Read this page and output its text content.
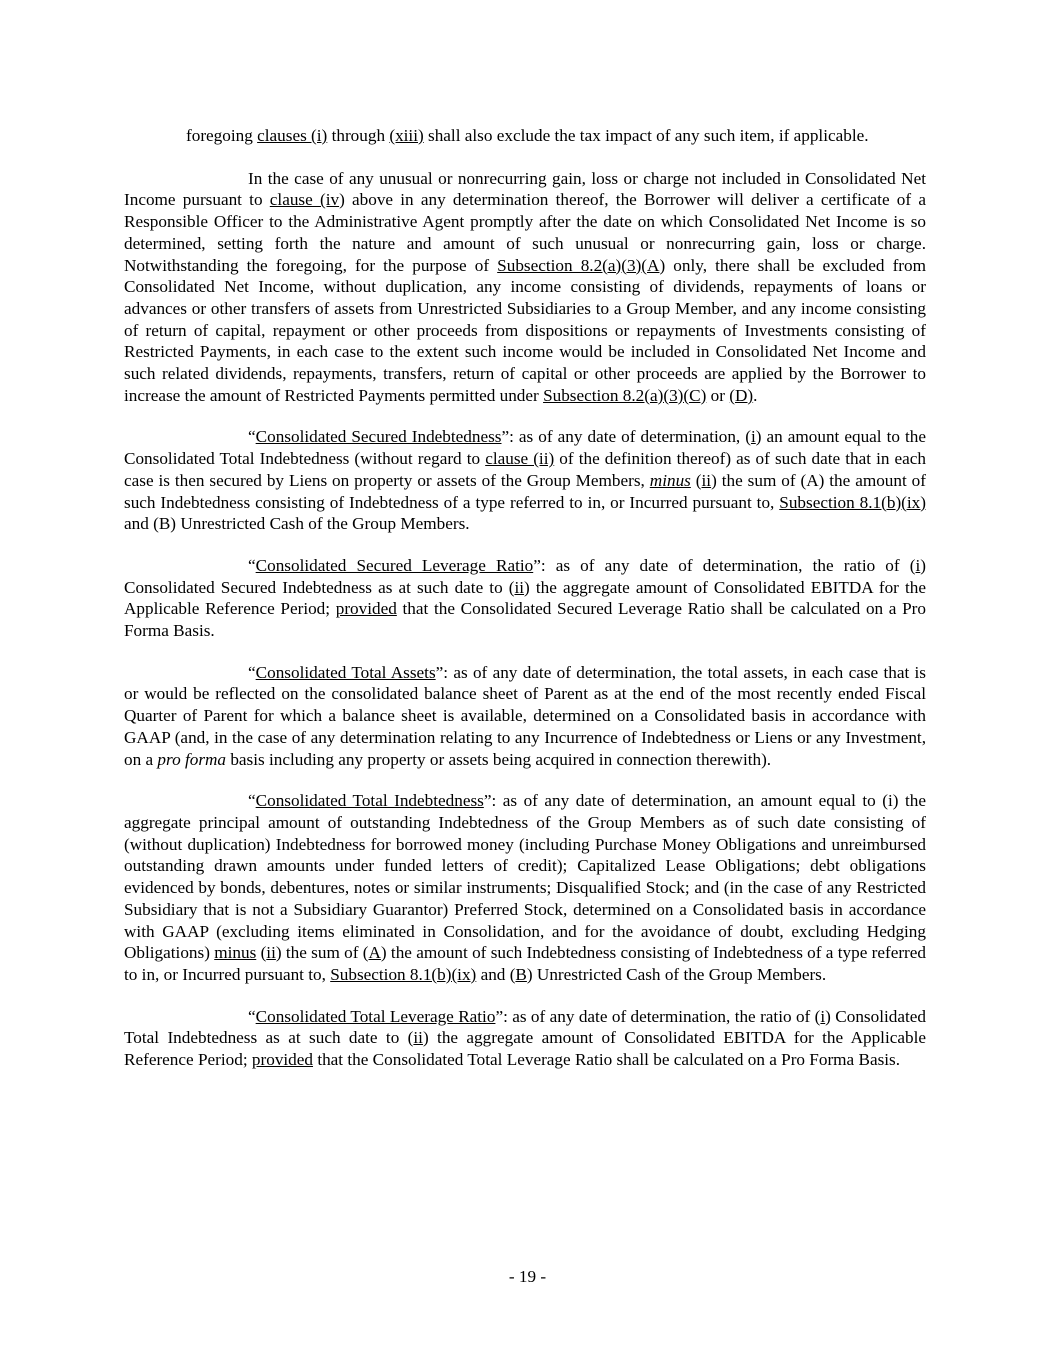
foregoing clauses (i) through (xiii) shall also exclude the tax impact of any such item, if applicable.

In the case of any unusual or nonrecurring gain, loss or charge not included in Consolidated Net Income pursuant to clause (iv) above in any determination thereof, the Borrower will deliver a certificate of a Responsible Officer to the Administrative Agent promptly after the date on which Consolidated Net Income is so determined, setting forth the nature and amount of such unusual or nonrecurring gain, loss or charge. Notwithstanding the foregoing, for the purpose of Subsection 8.2(a)(3)(A) only, there shall be excluded from Consolidated Net Income, without duplication, any income consisting of dividends, repayments of loans or advances or other transfers of assets from Unrestricted Subsidiaries to a Group Member, and any income consisting of return of capital, repayment or other proceeds from dispositions or repayments of Investments consisting of Restricted Payments, in each case to the extent such income would be included in Consolidated Net Income and such related dividends, repayments, transfers, return of capital or other proceeds are applied by the Borrower to increase the amount of Restricted Payments permitted under Subsection 8.2(a)(3)(C) or (D).

“Consolidated Secured Indebtedness”: as of any date of determination, (i) an amount equal to the Consolidated Total Indebtedness (without regard to clause (ii) of the definition thereof) as of such date that in each case is then secured by Liens on property or assets of the Group Members, minus (ii) the sum of (A) the amount of such Indebtedness consisting of Indebtedness of a type referred to in, or Incurred pursuant to, Subsection 8.1(b)(ix) and (B) Unrestricted Cash of the Group Members.

“Consolidated Secured Leverage Ratio”: as of any date of determination, the ratio of (i) Consolidated Secured Indebtedness as at such date to (ii) the aggregate amount of Consolidated EBITDA for the Applicable Reference Period; provided that the Consolidated Secured Leverage Ratio shall be calculated on a Pro Forma Basis.

“Consolidated Total Assets”: as of any date of determination, the total assets, in each case that is or would be reflected on the consolidated balance sheet of Parent as at the end of the most recently ended Fiscal Quarter of Parent for which a balance sheet is available, determined on a Consolidated basis in accordance with GAAP (and, in the case of any determination relating to any Incurrence of Indebtedness or Liens or any Investment, on a pro forma basis including any property or assets being acquired in connection therewith).

“Consolidated Total Indebtedness”: as of any date of determination, an amount equal to (i) the aggregate principal amount of outstanding Indebtedness of the Group Members as of such date consisting of (without duplication) Indebtedness for borrowed money (including Purchase Money Obligations and unreimbursed outstanding drawn amounts under funded letters of credit); Capitalized Lease Obligations; debt obligations evidenced by bonds, debentures, notes or similar instruments; Disqualified Stock; and (in the case of any Restricted Subsidiary that is not a Subsidiary Guarantor) Preferred Stock, determined on a Consolidated basis in accordance with GAAP (excluding items eliminated in Consolidation, and for the avoidance of doubt, excluding Hedging Obligations) minus (ii) the sum of (A) the amount of such Indebtedness consisting of Indebtedness of a type referred to in, or Incurred pursuant to, Subsection 8.1(b)(ix) and (B) Unrestricted Cash of the Group Members.

“Consolidated Total Leverage Ratio”: as of any date of determination, the ratio of (i) Consolidated Total Indebtedness as at such date to (ii) the aggregate amount of Consolidated EBITDA for the Applicable Reference Period; provided that the Consolidated Total Leverage Ratio shall be calculated on a Pro Forma Basis.

- 19 -
